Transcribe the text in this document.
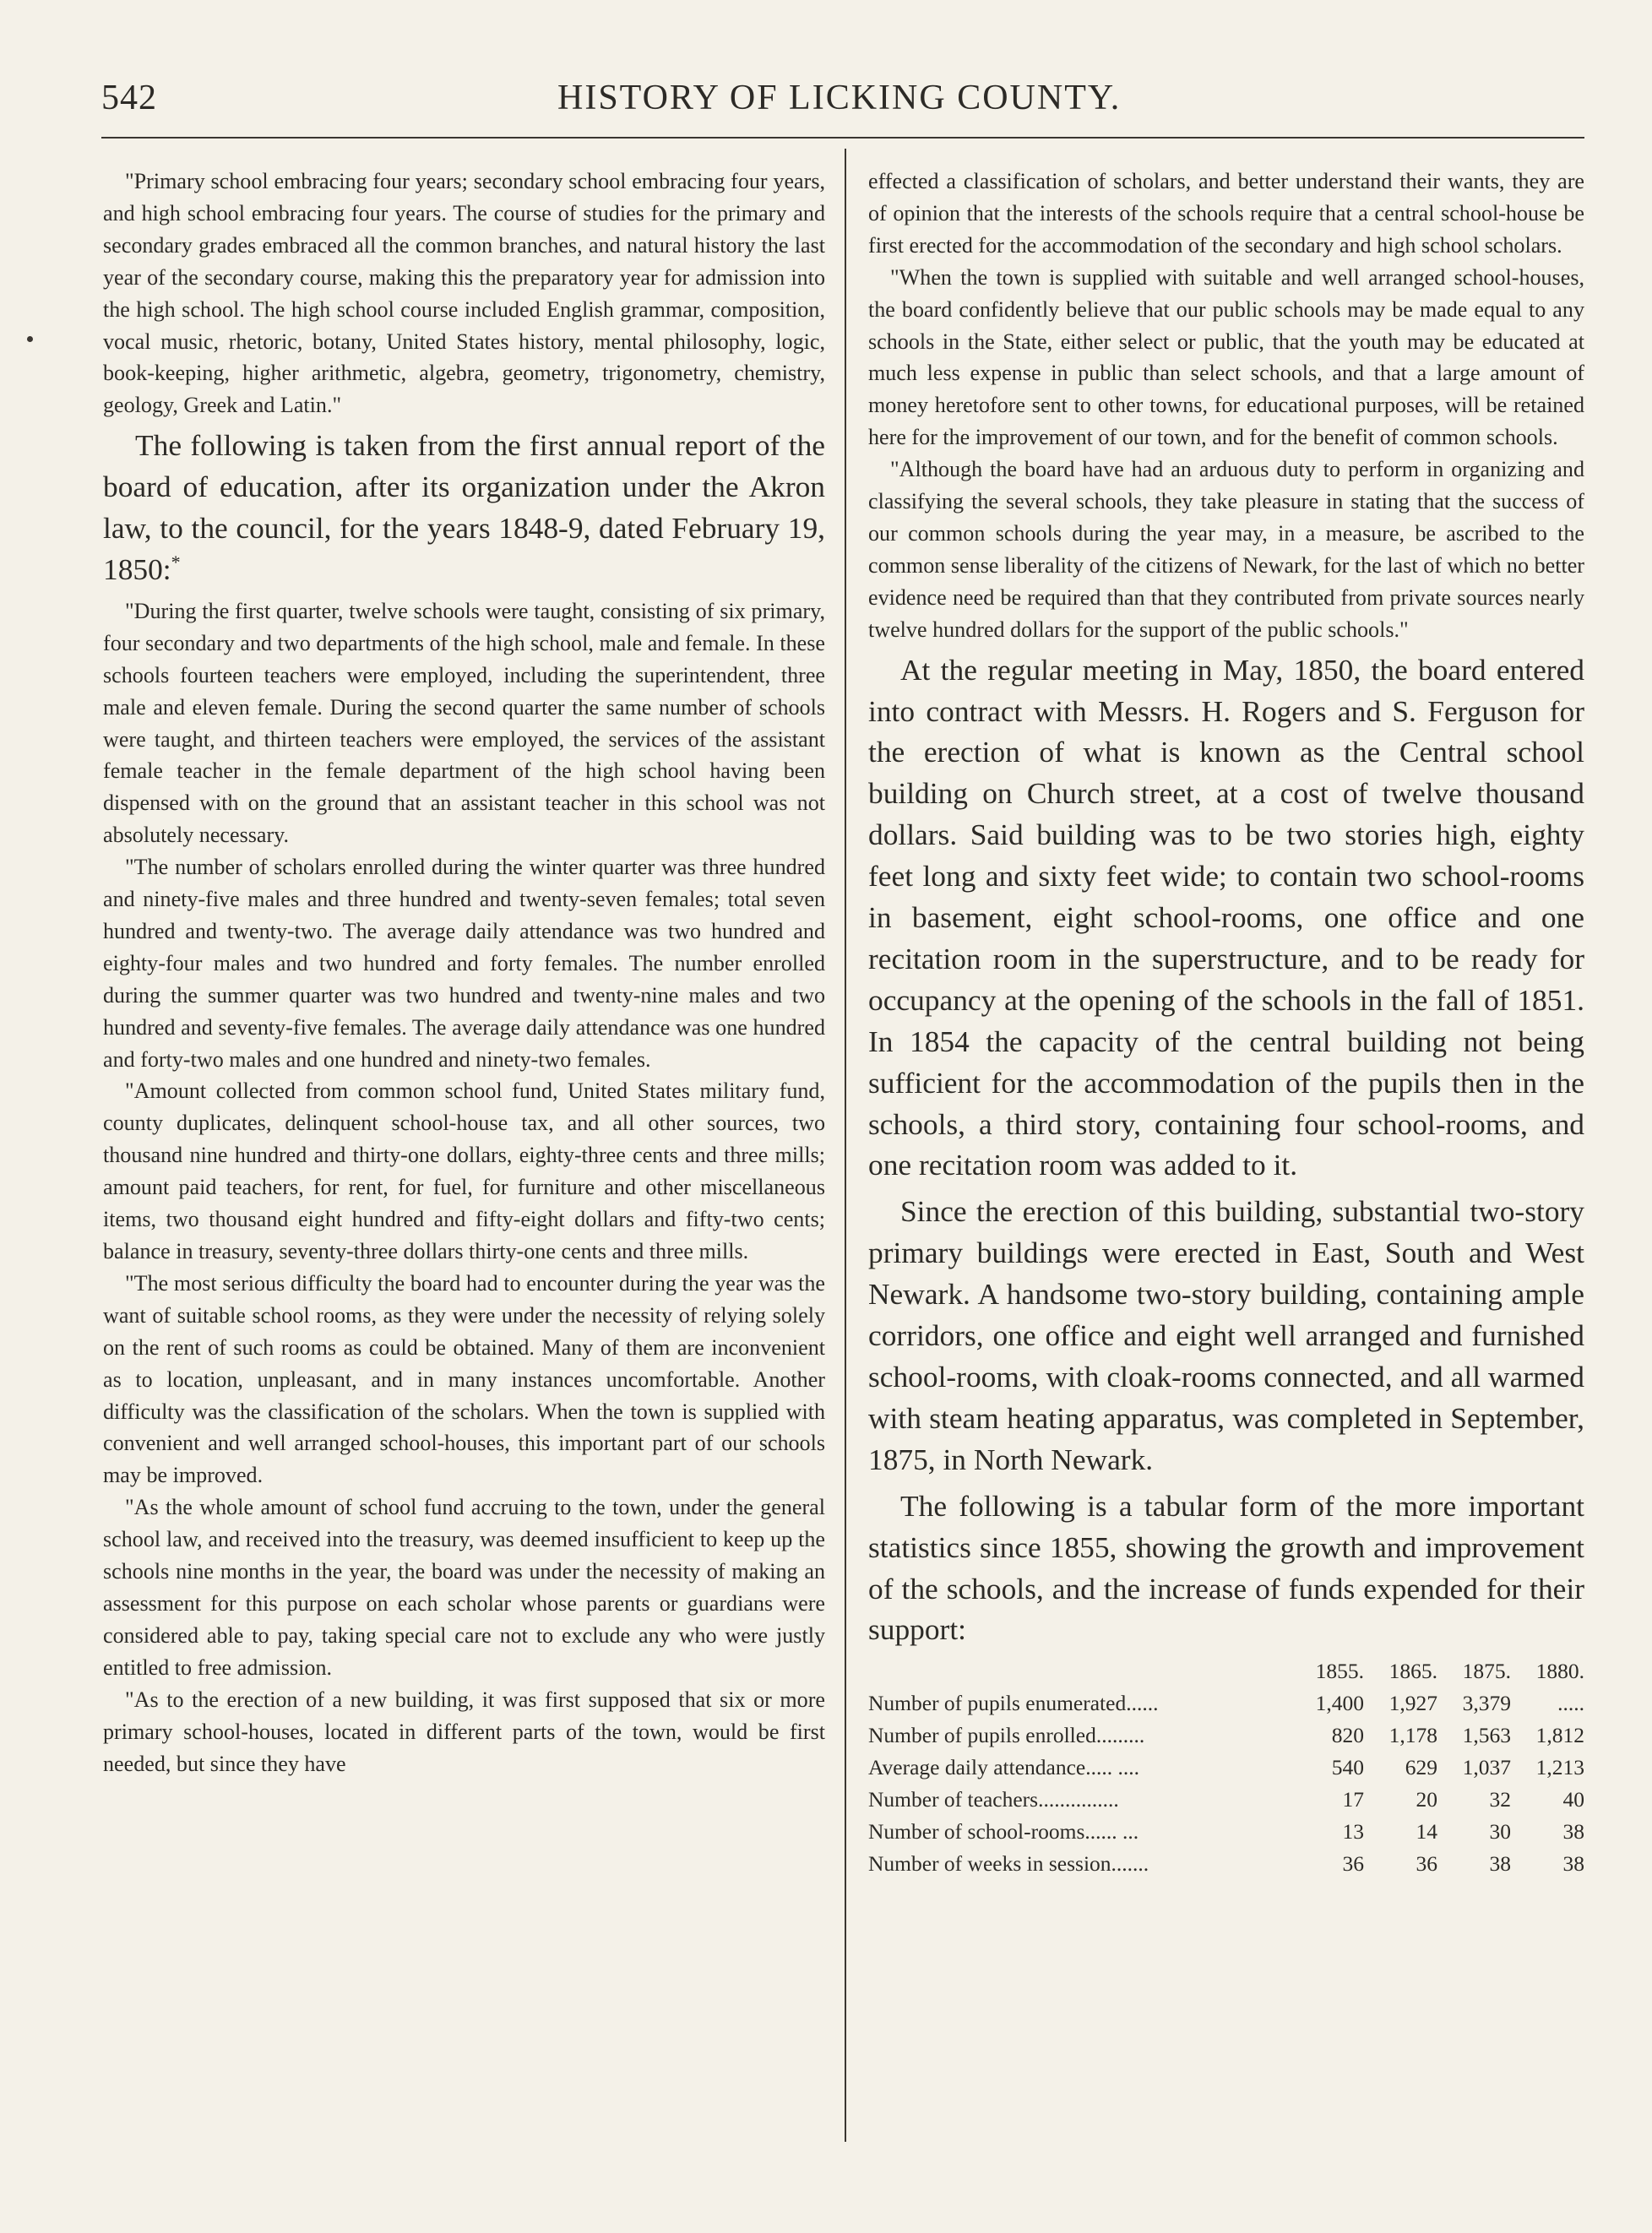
542	HISTORY OF LICKING COUNTY.

"Primary school embracing four years; secondary school embracing four years, and high school embracing four years. The course of studies for the primary and secondary grades embraced all the common branches, and natural history the last year of the secondary course, making this the preparatory year for admission into the high school. The high school course included English grammar, composition, vocal music, rhetoric, botany, United States history, mental philosophy, logic, book-keeping, higher arithmetic, algebra, geometry, trigonometry, chemistry, geology, Greek and Latin."

The following is taken from the first annual report of the board of education, after its organization under the Akron law, to the council, for the years 1848-9, dated February 19, 1850:*

"During the first quarter, twelve schools were taught, consisting of six primary, four secondary and two departments of the high school, male and female. In these schools fourteen teachers were employed, including the superintendent, three male and eleven female. During the second quarter the same number of schools were taught, and thirteen teachers were employed, the services of the assistant female teacher in the female department of the high school having been dispensed with on the ground that an assistant teacher in this school was not absolutely necessary.

"The number of scholars enrolled during the winter quarter was three hundred and ninety-five males and three hundred and twenty-seven females; total seven hundred and twenty-two. The average daily attendance was two hundred and eighty-four males and two hundred and forty females. The number enrolled during the summer quarter was two hundred and twenty-nine males and two hundred and seventy-five females. The average daily attendance was one hundred and forty-two males and one hundred and ninety-two females.

"Amount collected from common school fund, United States military fund, county duplicates, delinquent school-house tax, and all other sources, two thousand nine hundred and thirty-one dollars, eighty-three cents and three mills; amount paid teachers, for rent, for fuel, for furniture and other miscellaneous items, two thousand eight hundred and fifty-eight dollars and fifty-two cents; balance in treasury, seventy-three dollars thirty-one cents and three mills.

"The most serious difficulty the board had to encounter during the year was the want of suitable school rooms, as they were under the necessity of relying solely on the rent of such rooms as could be obtained. Many of them are inconvenient as to location, unpleasant, and in many instances uncomfortable. Another difficulty was the classification of the scholars. When the town is supplied with convenient and well arranged school-houses, this important part of our schools may be improved.

"As the whole amount of school fund accruing to the town, under the general school law, and received into the treasury, was deemed insufficient to keep up the schools nine months in the year, the board was under the necessity of making an assessment for this purpose on each scholar whose parents or guardians were considered able to pay, taking special care not to exclude any who were justly entitled to free admission.

"As to the erection of a new building, it was first supposed that six or more primary school-houses, located in different parts of the town, would be first needed, but since they have

effected a classification of scholars, and better understand their wants, they are of opinion that the interests of the schools require that a central school-house be first erected for the accommodation of the secondary and high school scholars.

"When the town is supplied with suitable and well arranged school-houses, the board confidently believe that our public schools may be made equal to any schools in the State, either select or public, that the youth may be educated at much less expense in public than select schools, and that a large amount of money heretofore sent to other towns, for educational purposes, will be retained here for the improvement of our town, and for the benefit of common schools.

"Although the board have had an arduous duty to perform in organizing and classifying the several schools, they take pleasure in stating that the success of our common schools during the year may, in a measure, be ascribed to the common sense liberality of the citizens of Newark, for the last of which no better evidence need be required than that they contributed from private sources nearly twelve hundred dollars for the support of the public schools."

At the regular meeting in May, 1850, the board entered into contract with Messrs. H. Rogers and S. Ferguson for the erection of what is known as the Central school building on Church street, at a cost of twelve thousand dollars. Said building was to be two stories high, eighty feet long and sixty feet wide; to contain two school-rooms in basement, eight school-rooms, one office and one recitation room in the superstructure, and to be ready for occupancy at the opening of the schools in the fall of 1851. In 1854 the capacity of the central building not being sufficient for the accommodation of the pupils then in the schools, a third story, containing four school-rooms, and one recitation room was added to it.

Since the erection of this building, substantial two-story primary buildings were erected in East, South and West Newark. A handsome two-story building, containing ample corridors, one office and eight well arranged and furnished school-rooms, with cloak-rooms connected, and all warmed with steam heating apparatus, was completed in September, 1875, in North Newark.

The following is a tabular form of the more important statistics since 1855, showing the growth and improvement of the schools, and the increase of funds expended for their support:

1855.	1865.	1875.	1880.
Number of pupils enumerated......	1,400	1,927	3,379	.....
Number of pupils enrolled.........	820	1,178	1,563	1,812
Average daily attendance..... ....	540	629	1,037	1,213
Number of teachers...............	17	20	32	40
Number of school-rooms...... ...	13	14	30	38
Number of weeks in session.......	36	36	38	38
